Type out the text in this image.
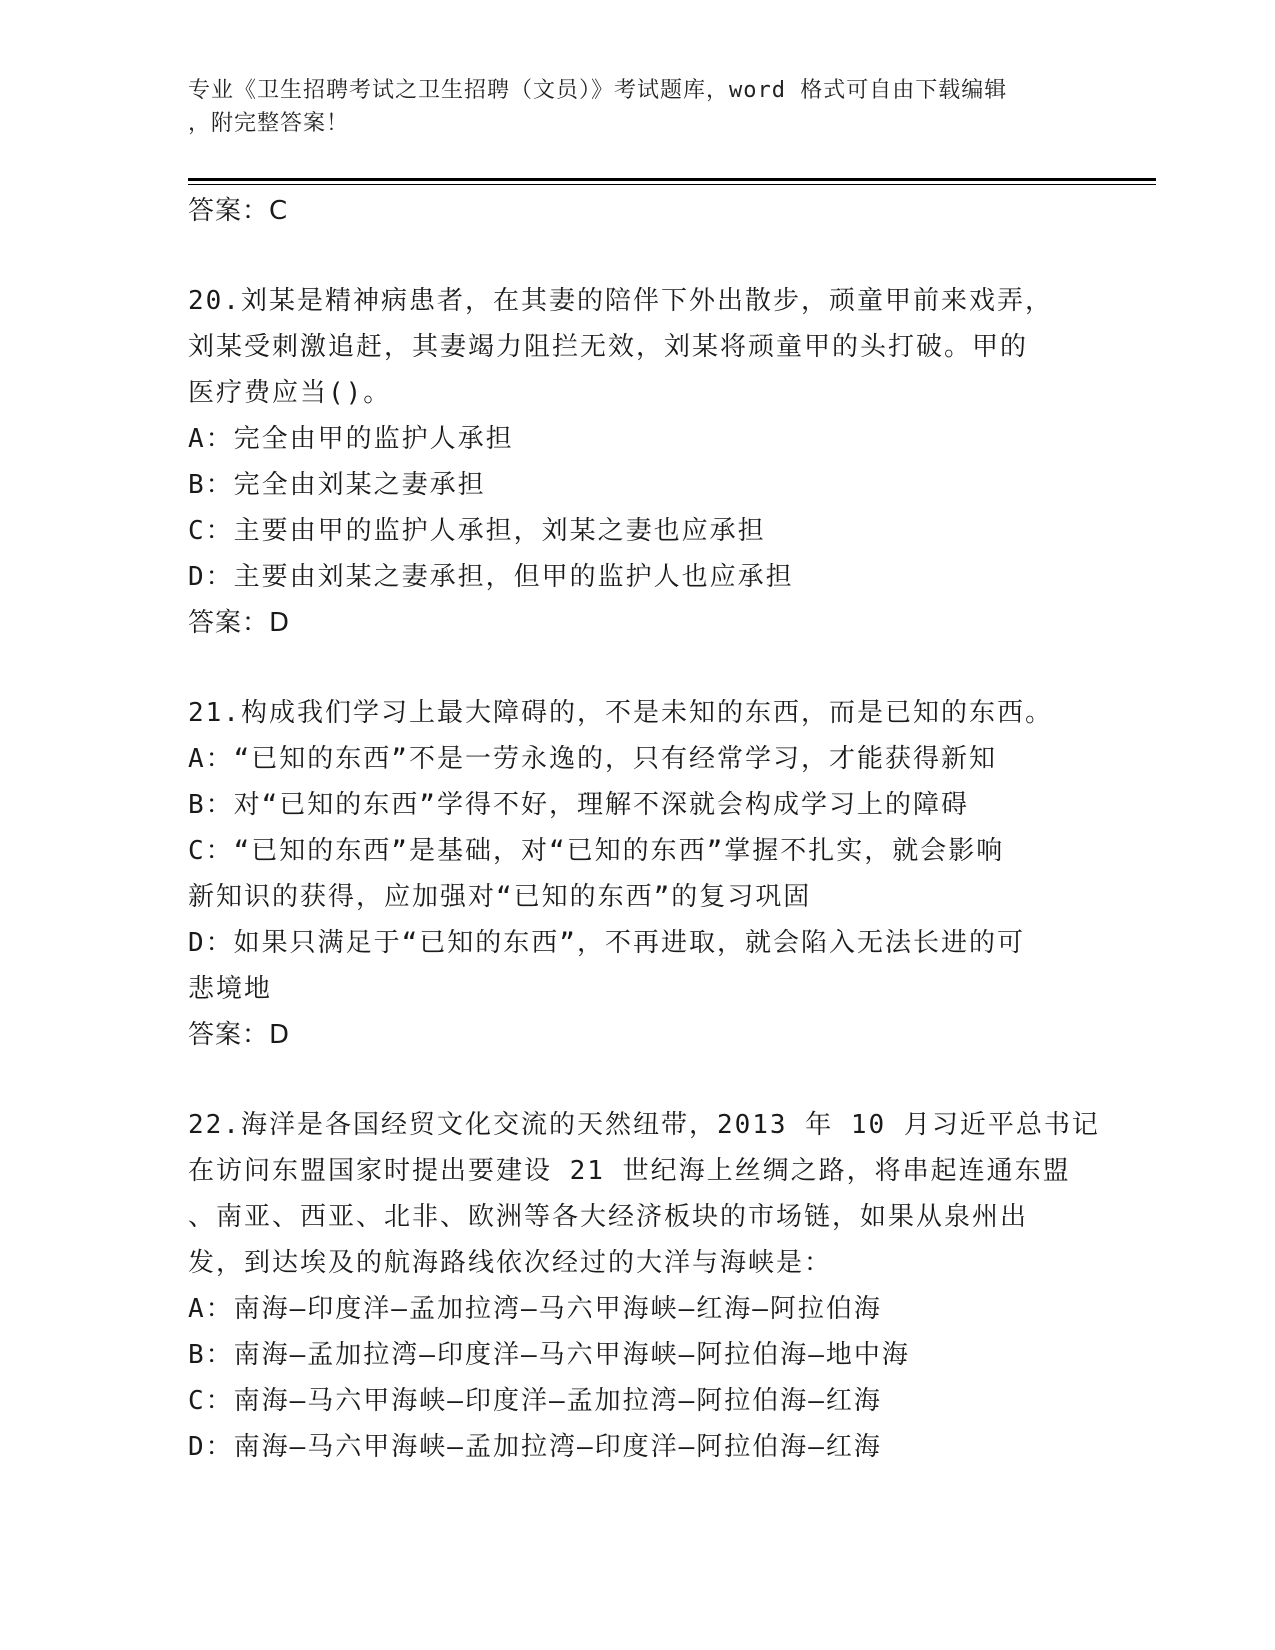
专业《卫生招聘考试之卫生招聘（文员）》考试题库，word 格式可自由下载编辑
，附完整答案！
答案：C
20.刘某是精神病患者，在其妻的陪伴下外出散步，顽童甲前来戏弄，
刘某受刺激追赶，其妻竭力阻拦无效，刘某将顽童甲的头打破。甲的
医疗费应当()。
A：完全由甲的监护人承担
B：完全由刘某之妻承担
C：主要由甲的监护人承担，刘某之妻也应承担
D：主要由刘某之妻承担，但甲的监护人也应承担
答案：D
21.构成我们学习上最大障碍的，不是未知的东西，而是已知的东西。
A：“已知的东西”不是一劳永逸的，只有经常学习，才能获得新知
B：对“已知的东西”学得不好，理解不深就会构成学习上的障碍
C：“已知的东西”是基础，对“已知的东西”掌握不扎实，就会影响
新知识的获得，应加强对“已知的东西”的复习巩固
D：如果只满足于“已知的东西”，不再进取，就会陷入无法长进的可
悲境地
答案：D
22.海洋是各国经贸文化交流的天然纽带，2013 年 10 月习近平总书记
在访问东盟国家时提出要建设 21 世纪海上丝绸之路，将串起连通东盟
、南亚、西亚、北非、欧洲等各大经济板块的市场链，如果从泉州出
发，到达埃及的航海路线依次经过的大洋与海峡是：
A：南海—印度洋—孟加拉湾—马六甲海峡—红海—阿拉伯海
B：南海—孟加拉湾—印度洋—马六甲海峡—阿拉伯海—地中海
C：南海—马六甲海峡—印度洋—孟加拉湾—阿拉伯海—红海
D：南海—马六甲海峡—孟加拉湾—印度洋—阿拉伯海—红海
